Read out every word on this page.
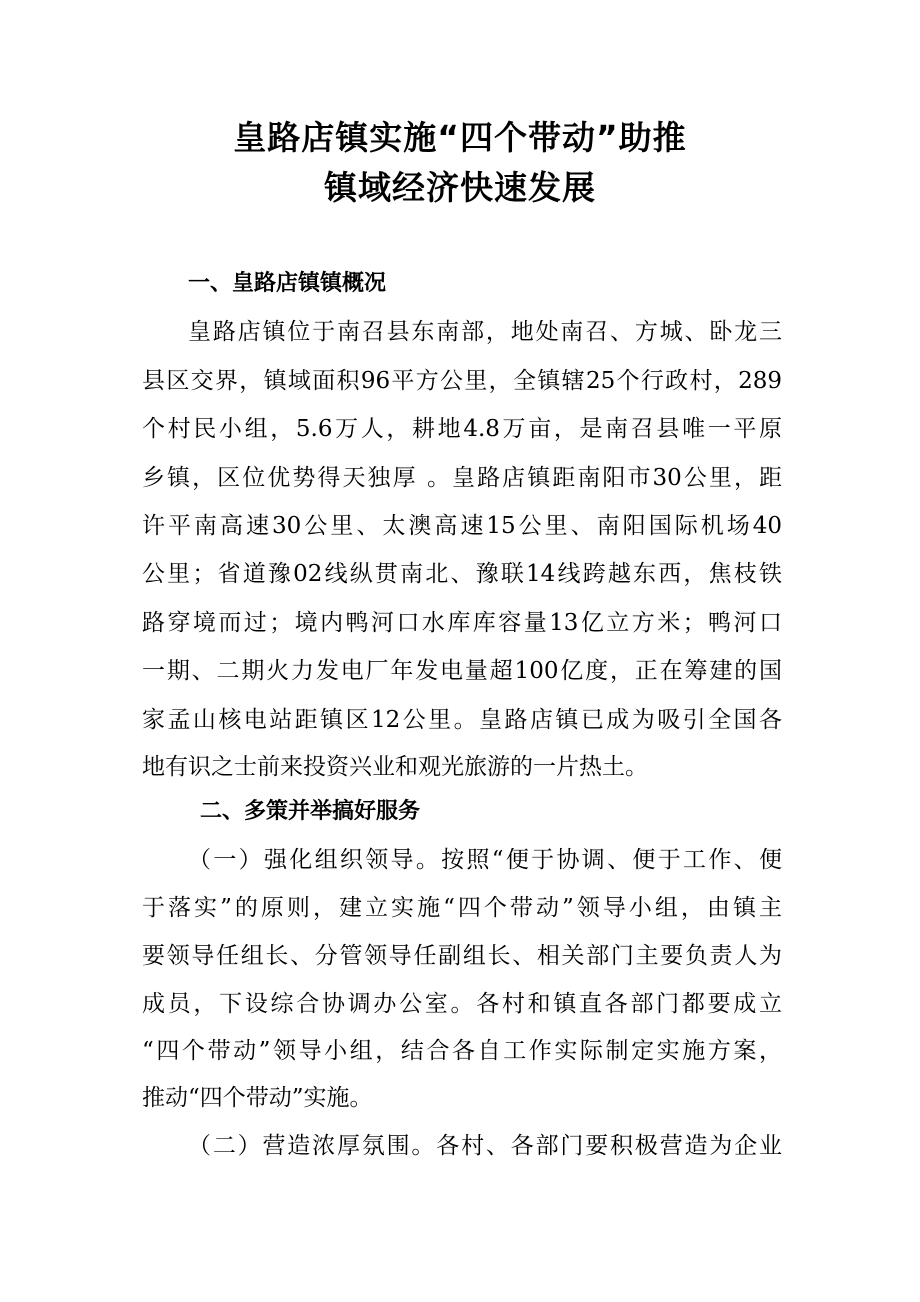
皇路店镇实施“四个带动”助推
镇域经济快速发展
一、皇路店镇镇概况
皇路店镇位于南召县东南部，地处南召、方城、卧龙三
县区交界，镇域面积96平方公里，全镇辖25个行政村，289
个村民小组，5.6万人，耕地4.8万亩，是南召县唯一平原
乡镇，区位优势得天独厚 。皇路店镇距南阳市30公里，距
许平南高速30公里、太澳高速15公里、南阳国际机场40
公里；省道豫02线纵贯南北、豫联14线跨越东西，焦枝铁
路穿境而过；境内鸭河口水库库容量13亿立方米；鸭河口
一期、二期火力发电厂年发电量超100亿度，正在筹建的国
家孟山核电站距镇区12公里。皇路店镇已成为吸引全国各
地有识之士前来投资兴业和观光旅游的一片热土。
二、多策并举搞好服务
（一）强化组织领导。按照“便于协调、便于工作、便
于落实”的原则，建立实施“四个带动”领导小组，由镇主
要领导任组长、分管领导任副组长、相关部门主要负责人为
成员，下设综合协调办公室。各村和镇直各部门都要成立
“四个带动”领导小组，结合各自工作实际制定实施方案，
推动“四个带动”实施。
（二）营造浓厚氛围。各村、各部门要积极营造为企业
